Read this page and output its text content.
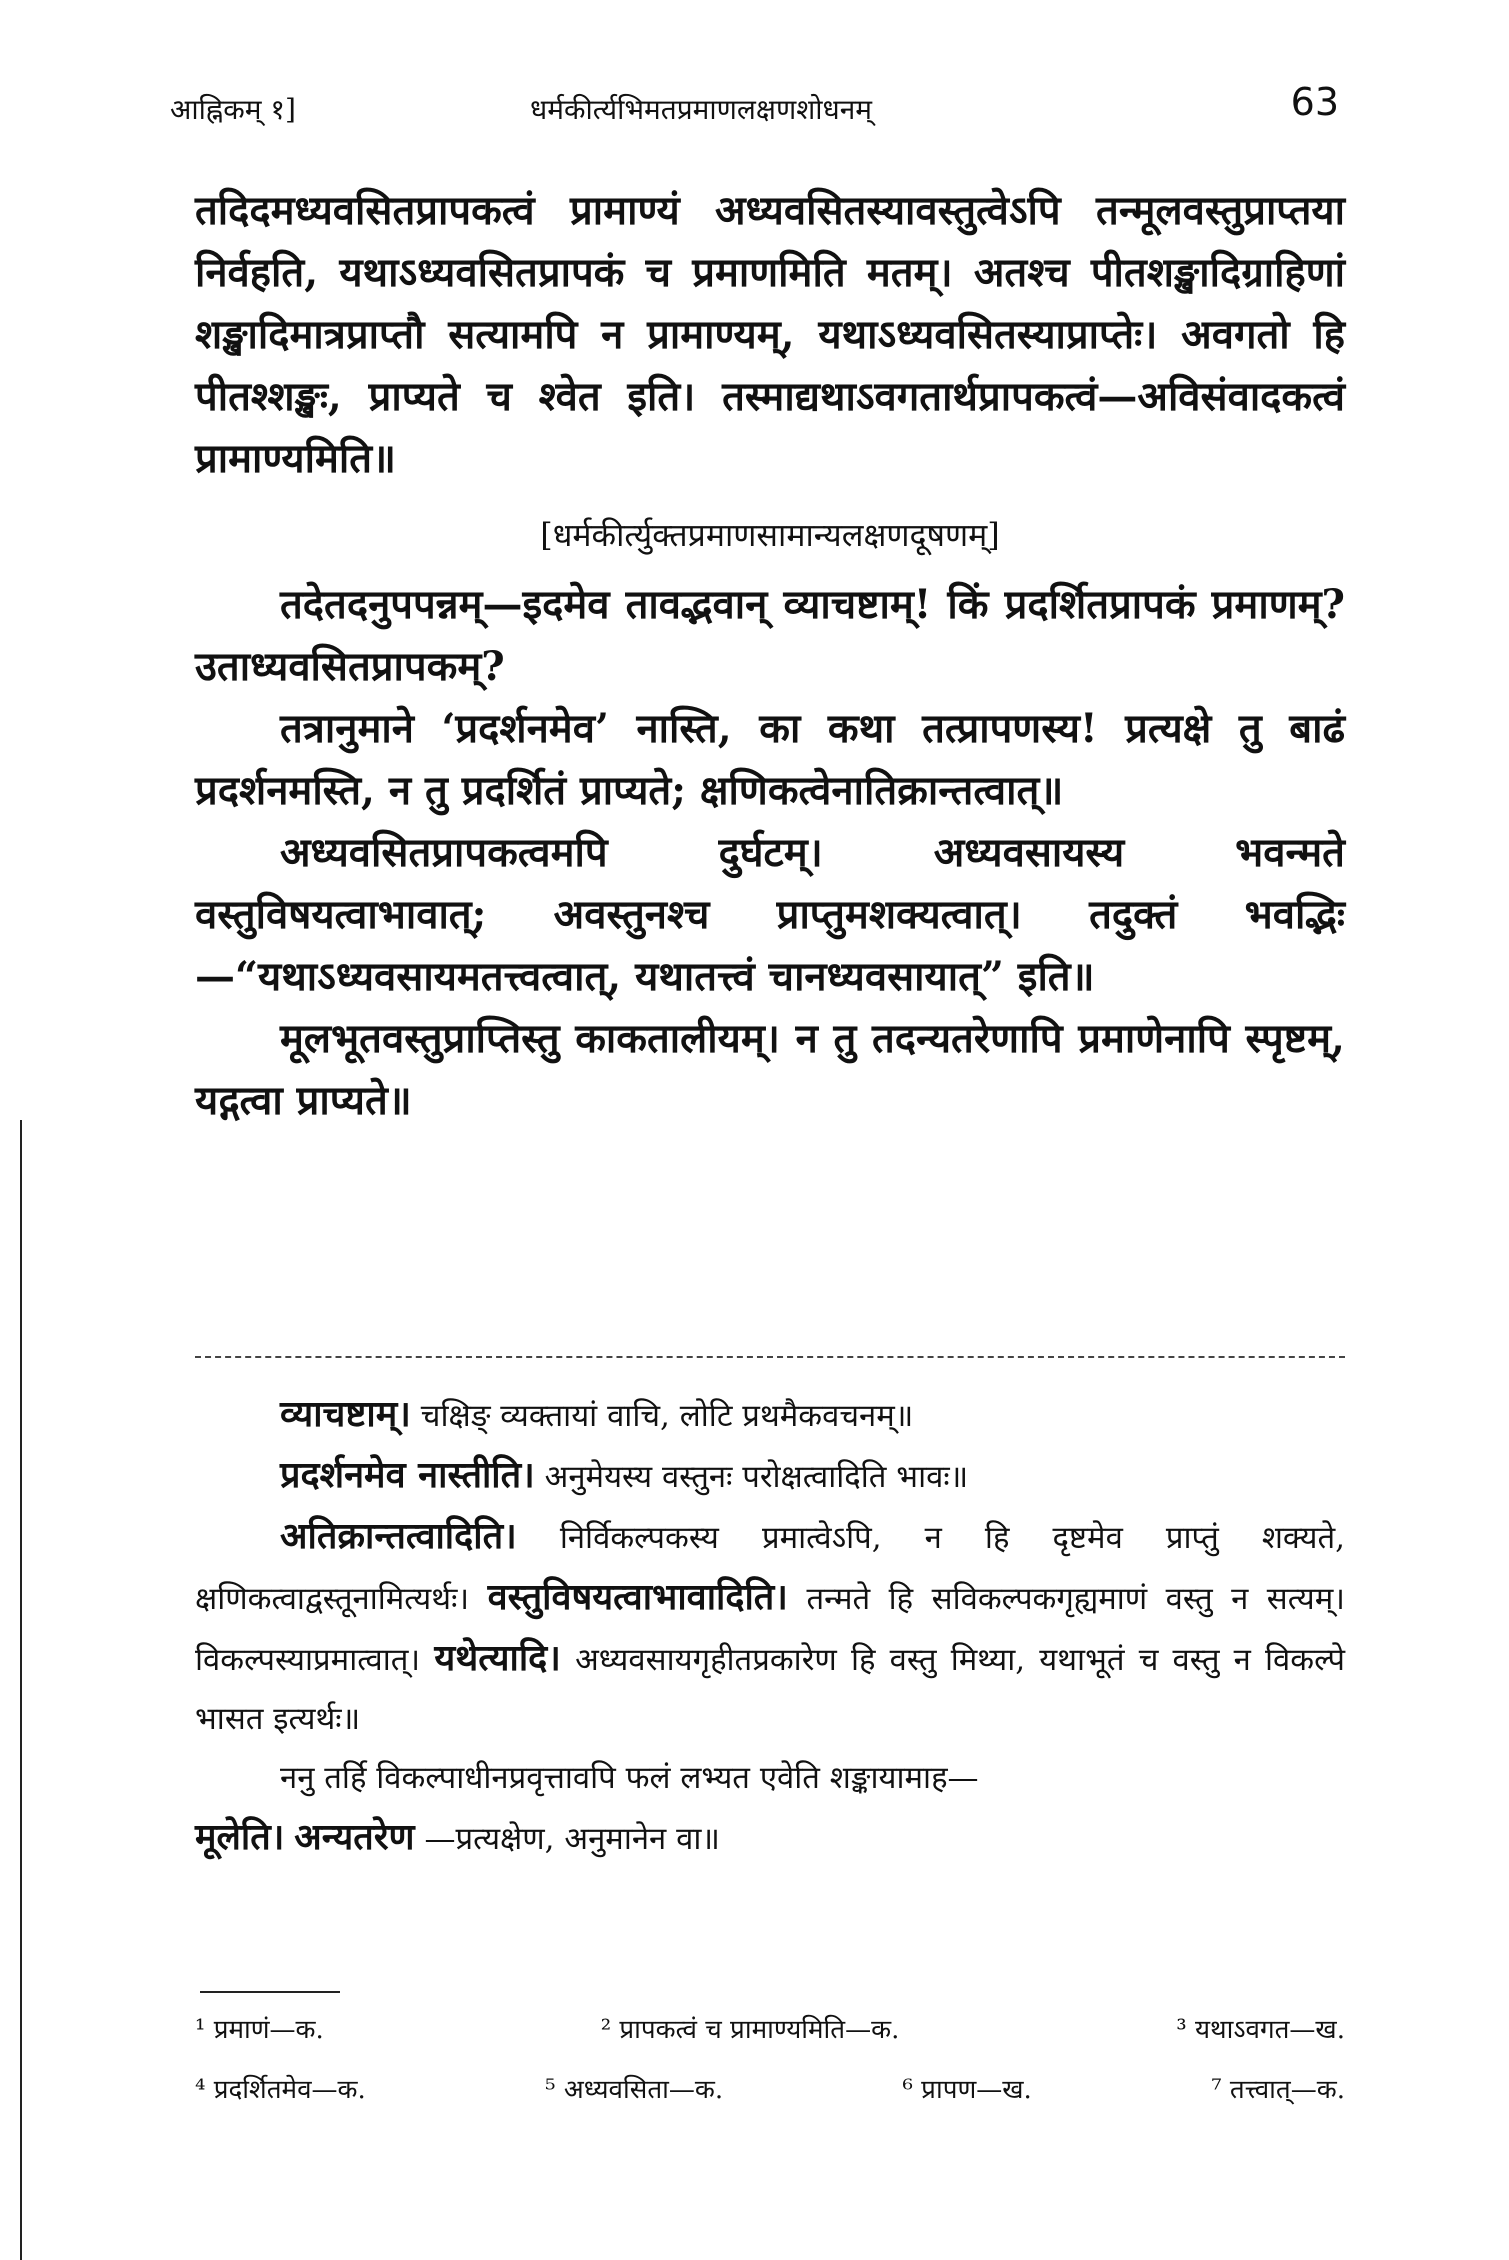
आह्निकम् १]	धर्मकीर्त्यभिमतप्रमाणलक्षणशोधनम्	63

तदिदमध्यवसितप्रापकत्वं प्रामाण्यं अध्यवसितस्यावस्तुत्वेऽपि तन्मूलवस्तुप्राप्तया निर्वहति, यथाऽध्यवसितप्रापकं च प्रमाणमिति मतम्। अतश्च पीतशङ्खादिग्राहिणां शङ्खादिमात्रप्राप्तौ सत्यामपि न प्रामाण्यम्, यथाऽध्यवसितस्याप्राप्तेः। अवगतो हि पीतश्शङ्खः, प्राप्यते च श्वेत इति। तस्माद्यथाऽवगतार्थप्रापकत्वं—अविसंवादकत्वं प्रामाण्यमिति॥

[धर्मकीर्त्युक्तप्रमाणसामान्यलक्षणदूषणम्]

तदेतदनुपपन्नम्—इदमेव तावद्भवान् व्याचष्टाम्! किं प्रदर्शितप्रापकं प्रमाणम्? उताध्यवसितप्रापकम्?

तत्रानुमाने ‘प्रदर्शनमेव’ नास्ति, का कथा तत्प्रापणस्य! प्रत्यक्षे तु बाढं प्रदर्शनमस्ति, न तु प्रदर्शितं प्राप्यते; क्षणिकत्वेनातिक्रान्तत्वात्॥

अध्यवसितप्रापकत्वमपि दुर्घटम्। अध्यवसायस्य भवन्मते वस्तुविषयत्वाभावात्; अवस्तुनश्च प्राप्तुमशक्यत्वात्। तदुक्तं भवद्भिः—“यथाऽध्यवसायमतत्त्वत्वात्, यथातत्त्वं चानध्यवसायात्” इति॥

मूलभूतवस्तुप्राप्तिस्तु काकतालीयम्। न तु तदन्यतरेणापि प्रमाणेनापि स्पृष्टम्, यद्गत्वा प्राप्यते॥

व्याचष्टाम्। चक्षिङ् व्यक्तायां वाचि, लोटि प्रथमैकवचनम्॥

प्रदर्शनमेव नास्तीति। अनुमेयस्य वस्तुनः परोक्षत्वादिति भावः॥

अतिक्रान्तत्वादिति। निर्विकल्पकस्य प्रमात्वेऽपि, न हि दृष्टमेव प्राप्तुं शक्यते, क्षणिकत्वाद्वस्तूनामित्यर्थः। वस्तुविषयत्वाभावादिति। तन्मते हि सविकल्पकगृह्यमाणं वस्तु न सत्यम्। विकल्पस्याप्रमात्वात्। यथेत्यादि। अध्यवसायगृहीतप्रकारेण हि वस्तु मिथ्या, यथाभूतं च वस्तु न विकल्पे भासत इत्यर्थः॥

ननु तर्हि विकल्पाधीनप्रवृत्तावपि फलं लभ्यत एवेति शङ्कायामाह—

मूलेति। अन्यतरेण —प्रत्यक्षेण, अनुमानेन वा॥

¹ प्रमाणं—क.	² प्रापकत्वं च प्रामाण्यमिति—क.	³ यथाऽवगत—ख.
⁴ प्रदर्शितमेव—क.	⁵ अध्यवसिता—क.	⁶ प्रापण—ख.	⁷ तत्त्वात्—क.
